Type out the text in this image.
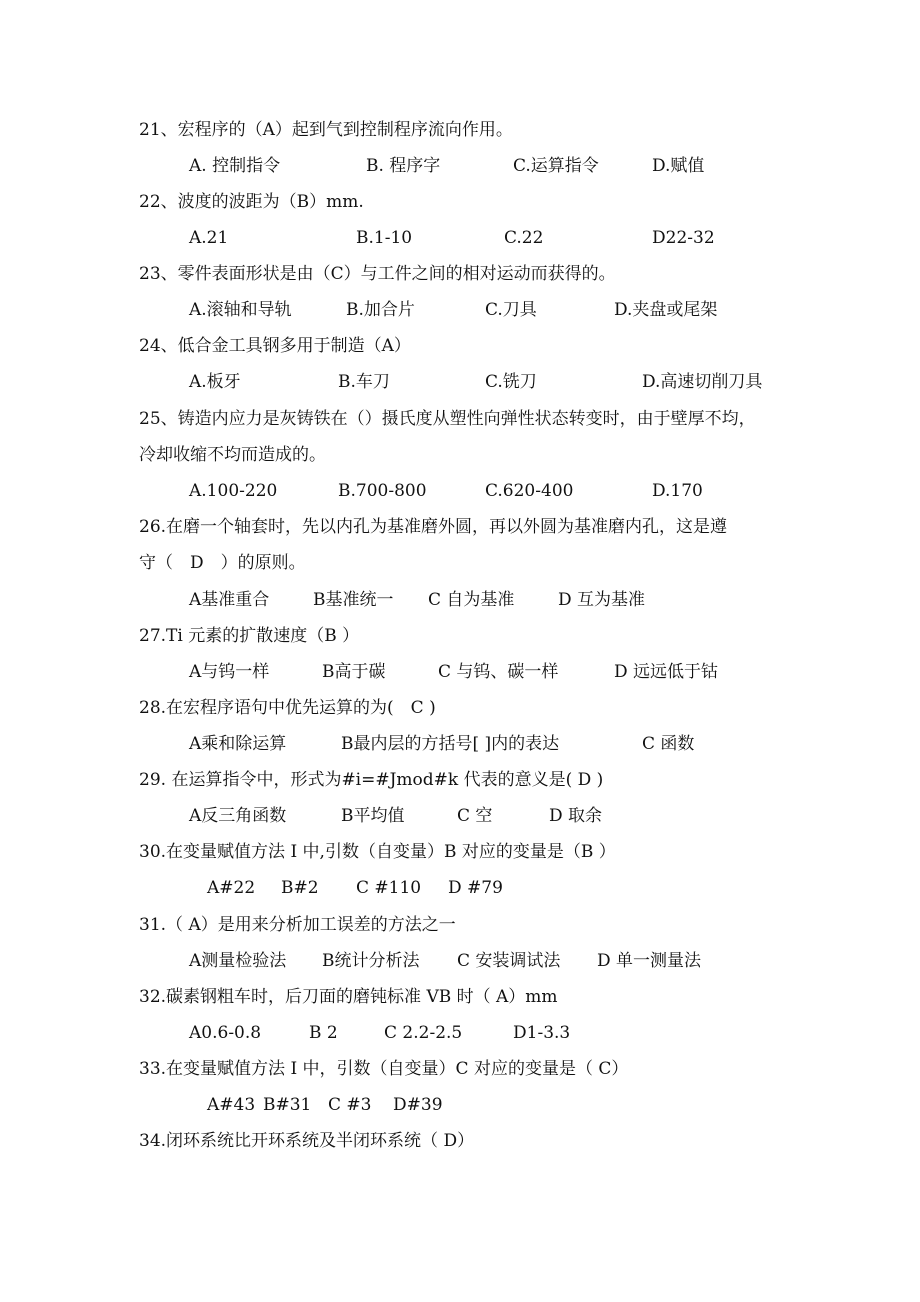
21、宏程序的（A）起到气到控制程序流向作用。
A. 控制指令	B. 程序字	C.运算指令	D.赋值
22、波度的波距为（B）mm.
A.21	B.1-10	C.22	D22-32
23、零件表面形状是由（C）与工件之间的相对运动而获得的。
A.滚轴和导轨	B.加合片	C.刀具	D.夹盘或尾架
24、低合金工具钢多用于制造（A）
A.板牙	B.车刀	C.铣刀	D.高速切削刀具
25、铸造内应力是灰铸铁在（）摄氏度从塑性向弹性状态转变时，由于壁厚不均，
冷却收缩不均而造成的。
A.100-220	B.700-800	C.620-400	D.170
26.在磨一个轴套时，先以内孔为基准磨外圆，再以外圆为基准磨内孔，这是遵
守（　D　）的原则。
A基准重合	B基准统一 C 自为基准	D 互为基准
27.Ti 元素的扩散速度（B ）
A与钨一样	B高于碳	C 与钨、碳一样	D 远远低于钴
28.在宏程序语句中优先运算的为(　C )
A乘和除运算	B最内层的方括号[ ]内的表达	C 函数
29. 在运算指令中，形式为#i=#Jmod#k 代表的意义是( D )
A反三角函数	B平均值	C 空	D 取余
30.在变量赋值方法 I 中,引数（自变量）B 对应的变量是（B ）
A#22 B#2 C #110 D #79
31.（ A）是用来分析加工误差的方法之一
A测量检验法 B统计分析法 C 安装调试法 D 单一测量法
32.碳素钢粗车时，后刀面的磨钝标准 VB 时（ A）mm
A0.6-0.8	B 2	C 2.2-2.5	D1-3.3
33.在变量赋值方法 I 中，引数（自变量）C 对应的变量是（ C）
A#43 B#31 C #3 D#39
34.闭环系统比开环系统及半闭环系统（ D）
